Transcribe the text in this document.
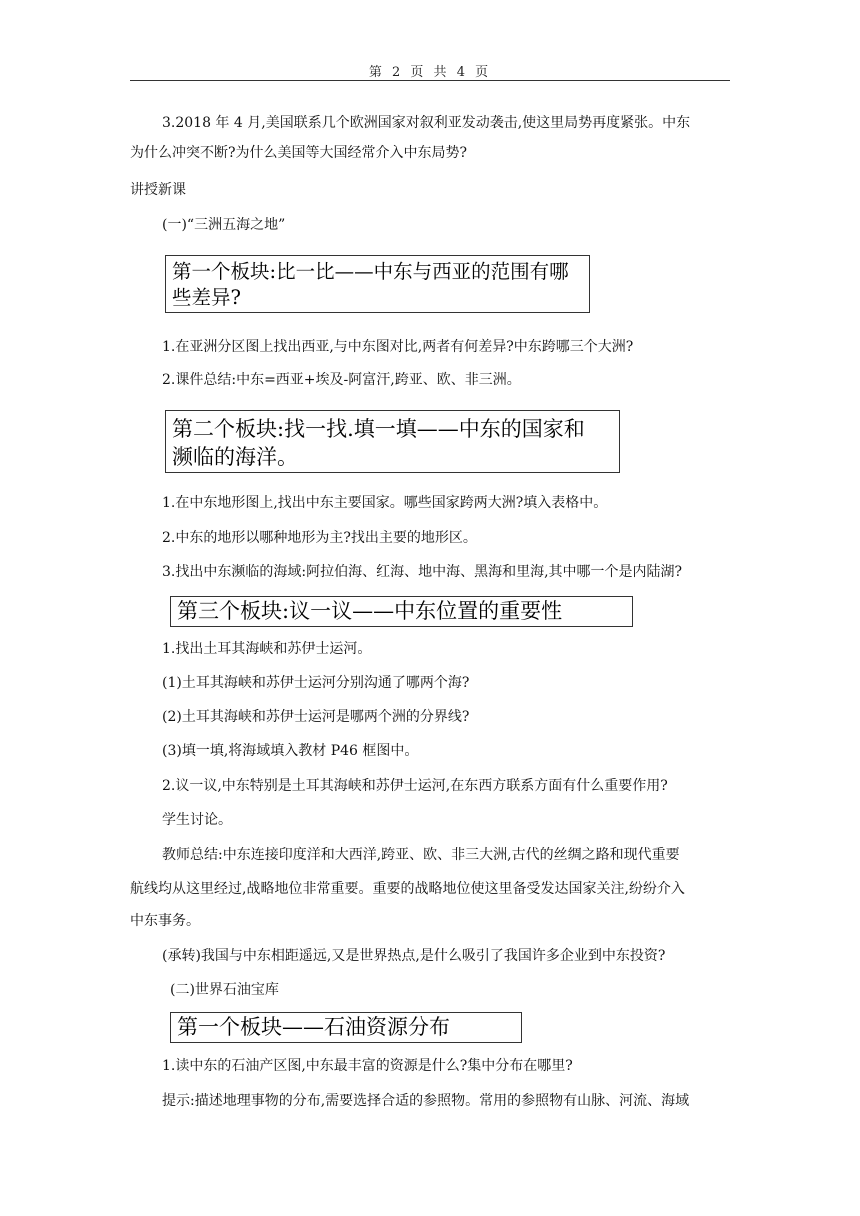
第 2 页 共 4 页
3.2018 年 4 月,美国联系几个欧洲国家对叙利亚发动袭击,使这里局势再度紧张。中东
为什么冲突不断?为什么美国等大国经常介入中东局势?
讲授新课
(一)“三洲五海之地”
第一个板块:比一比——中东与西亚的范围有哪
些差异?
1.在亚洲分区图上找出西亚,与中东图对比,两者有何差异?中东跨哪三个大洲?
2.课件总结:中东=西亚+埃及-阿富汗,跨亚、欧、非三洲。
第二个板块:找一找.填一填——中东的国家和
濒临的海洋。
1.在中东地形图上,找出中东主要国家。哪些国家跨两大洲?填入表格中。
2.中东的地形以哪种地形为主?找出主要的地形区。
3.找出中东濒临的海域:阿拉伯海、红海、地中海、黑海和里海,其中哪一个是内陆湖?
第三个板块:议一议——中东位置的重要性
1.找出土耳其海峡和苏伊士运河。
(1)土耳其海峡和苏伊士运河分别沟通了哪两个海?
(2)土耳其海峡和苏伊士运河是哪两个洲的分界线?
(3)填一填,将海域填入教材 P46 框图中。
2.议一议,中东特别是土耳其海峡和苏伊士运河,在东西方联系方面有什么重要作用?
学生讨论。
教师总结:中东连接印度洋和大西洋,跨亚、欧、非三大洲,古代的丝绸之路和现代重要
航线均从这里经过,战略地位非常重要。重要的战略地位使这里备受发达国家关注,纷纷介入
中东事务。
(承转)我国与中东相距遥远,又是世界热点,是什么吸引了我国许多企业到中东投资?
(二)世界石油宝库
第一个板块——石油资源分布
1.读中东的石油产区图,中东最丰富的资源是什么?集中分布在哪里?
提示:描述地理事物的分布,需要选择合适的参照物。常用的参照物有山脉、河流、海域
